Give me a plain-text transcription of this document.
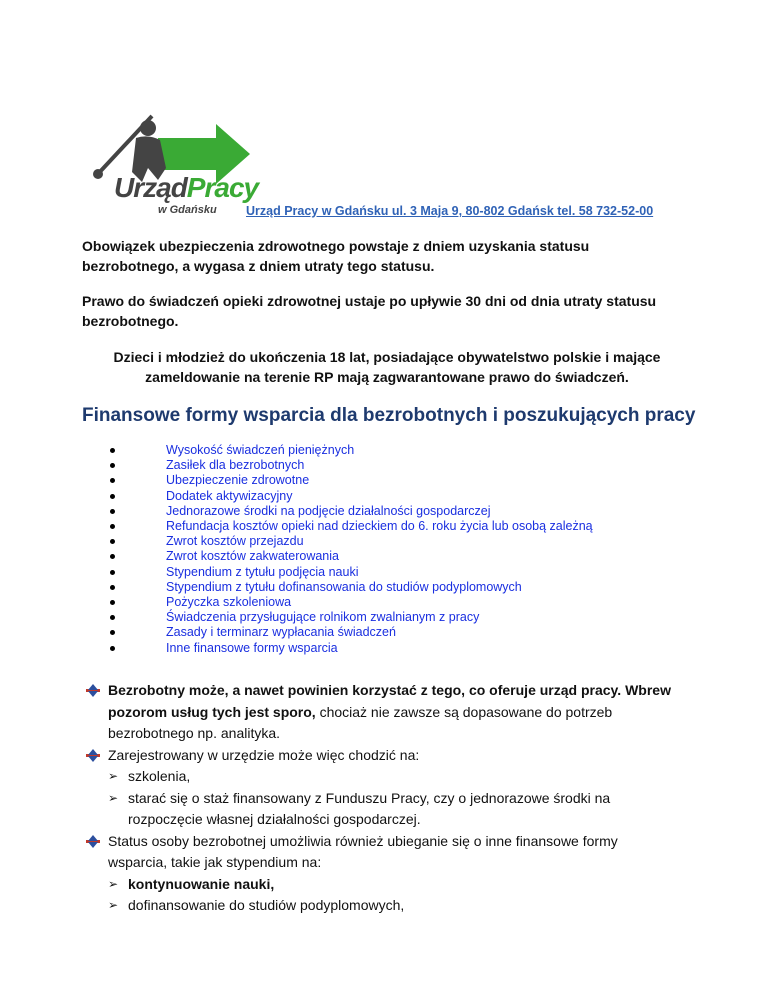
UrządPracy
w Gdańsku Urząd Pracy w Gdańsku ul. 3 Maja 9, 80-802 Gdańsk tel. 58 732-52-00
Obowiązek ubezpieczenia zdrowotnego powstaje z dniem uzyskania statusu
bezrobotnego, a wygasa z dniem utraty tego statusu.
Prawo do świadczeń opieki zdrowotnej ustaje po upływie 30 dni od dnia utraty statusu
bezrobotnego.
Dzieci i młodzież do ukończenia 18 lat, posiadające obywatelstwo polskie i mające
zameldowanie na terenie RP mają zagwarantowane prawo do świadczeń.
Finansowe formy wsparcia dla bezrobotnych i poszukujących pracy
Wysokość świadczeń pieniężnych
Zasiłek dla bezrobotnych
Ubezpieczenie zdrowotne
Dodatek aktywizacyjny
Jednorazowe środki na podjęcie działalności gospodarczej
Refundacja kosztów opieki nad dzieckiem do 6. roku życia lub osobą zależną
Zwrot kosztów przejazdu
Zwrot kosztów zakwaterowania
Stypendium z tytułu podjęcia nauki
Stypendium z tytułu dofinansowania do studiów podyplomowych
Pożyczka szkoleniowa
Świadczenia przysługujące rolnikom zwalnianym z pracy
Zasady i terminarz wypłacania świadczeń
Inne finansowe formy wsparcia
Bezrobotny może, a nawet powinien korzystać z tego, co oferuje urząd pracy. Wbrew
pozorom usług tych jest sporo, chociaż nie zawsze są dopasowane do potrzeb
bezrobotnego np. analityka.
Zarejestrowany w urzędzie może więc chodzić na:
➢ szkolenia,
➢ starać się o staż finansowany z Funduszu Pracy, czy o jednorazowe środki na
rozpoczęcie własnej działalności gospodarczej.
Status osoby bezrobotnej umożliwia również ubieganie się o inne finansowe formy
wsparcia, takie jak stypendium na:
➢ kontynuowanie nauki,
➢ dofinansowanie do studiów podyplomowych,
